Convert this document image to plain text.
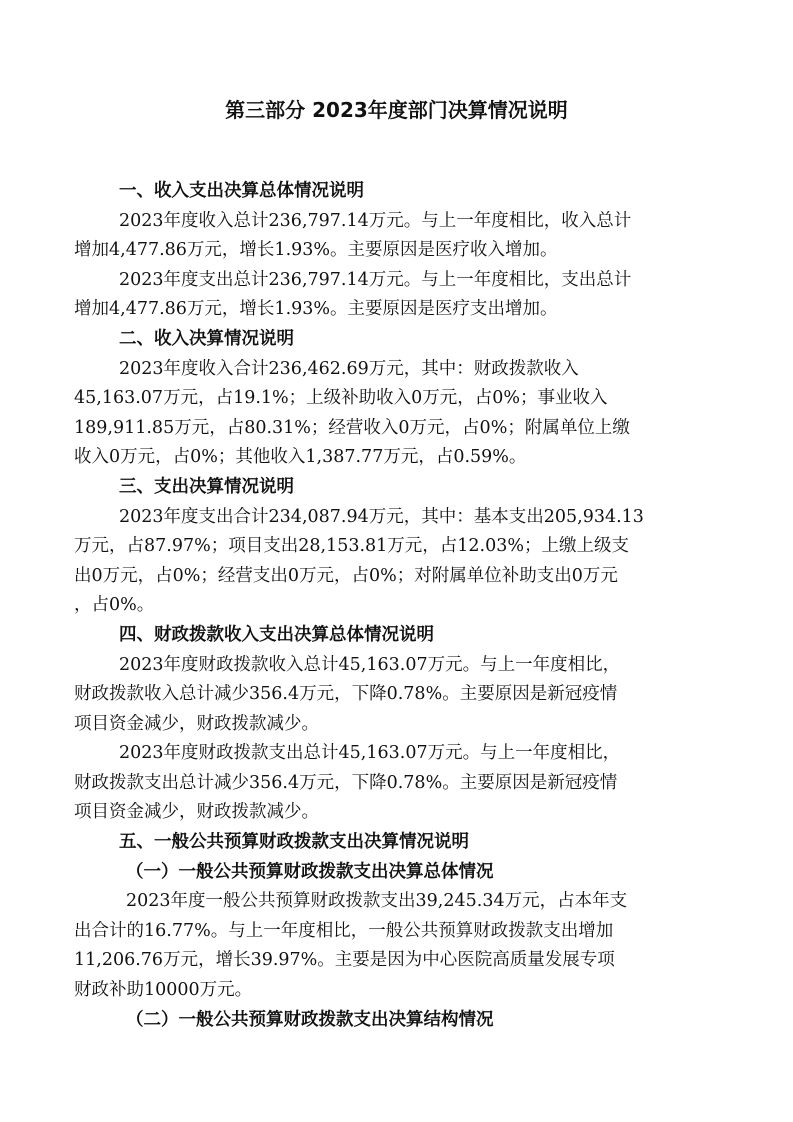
第三部分 2023年度部门决算情况说明
一、收入支出决算总体情况说明
2023年度收入总计236,797.14万元。与上一年度相比，收入总计
增加4,477.86万元，增长1.93%。主要原因是医疗收入增加。
2023年度支出总计236,797.14万元。与上一年度相比，支出总计
增加4,477.86万元，增长1.93%。主要原因是医疗支出增加。
二、收入决算情况说明
2023年度收入合计236,462.69万元，其中：财政拨款收入
45,163.07万元，占19.1%；上级补助收入0万元，占0%；事业收入
189,911.85万元，占80.31%；经营收入0万元，占0%；附属单位上缴
收入0万元，占0%；其他收入1,387.77万元，占0.59%。
三、支出决算情况说明
2023年度支出合计234,087.94万元，其中：基本支出205,934.13
万元，占87.97%；项目支出28,153.81万元，占12.03%；上缴上级支
出0万元，占0%；经营支出0万元，占0%；对附属单位补助支出0万元
，占0%。
四、财政拨款收入支出决算总体情况说明
2023年度财政拨款收入总计45,163.07万元。与上一年度相比，
财政拨款收入总计减少356.4万元，下降0.78%。主要原因是新冠疫情
项目资金减少，财政拨款减少。
2023年度财政拨款支出总计45,163.07万元。与上一年度相比，
财政拨款支出总计减少356.4万元，下降0.78%。主要原因是新冠疫情
项目资金减少，财政拨款减少。
五、一般公共预算财政拨款支出决算情况说明
（一）一般公共预算财政拨款支出决算总体情况
2023年度一般公共预算财政拨款支出39,245.34万元，占本年支
出合计的16.77%。与上一年度相比，一般公共预算财政拨款支出增加
11,206.76万元，增长39.97%。主要是因为中心医院高质量发展专项
财政补助10000万元。
（二）一般公共预算财政拨款支出决算结构情况
